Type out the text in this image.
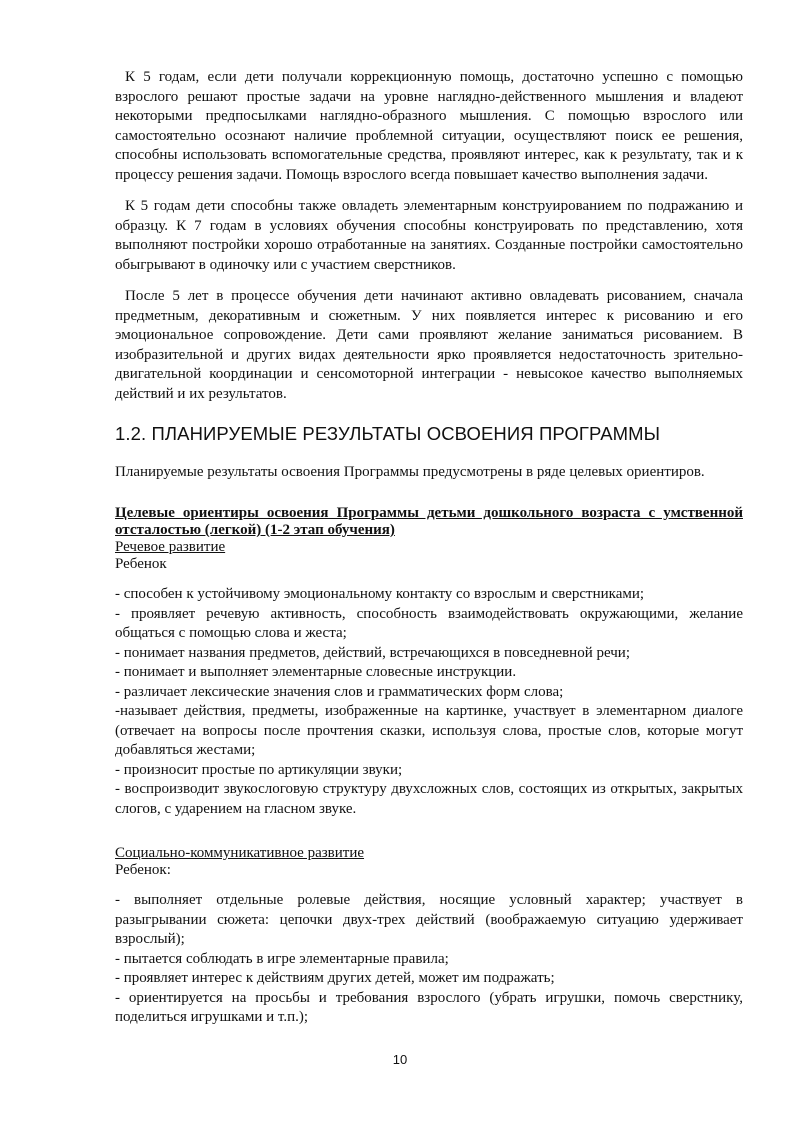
К 5 годам, если дети получали коррекционную помощь, достаточно успешно с помощью взрослого решают простые задачи на уровне наглядно-действенного мышления и владеют некоторыми предпосылками наглядно-образного мышления. С помощью взрослого или самостоятельно осознают наличие проблемной ситуации, осуществляют поиск ее решения, способны использовать вспомогательные средства, проявляют интерес, как к результату, так и к процессу решения задачи. Помощь взрослого всегда повышает качество выполнения задачи.

К 5 годам дети способны также овладеть элементарным конструированием по подражанию и образцу. К 7 годам в условиях обучения способны конструировать по представлению, хотя выполняют постройки хорошо отработанные на занятиях. Созданные постройки самостоятельно обыгрывают в одиночку или с участием сверстников.

После 5 лет в процессе обучения дети начинают активно овладевать рисованием, сначала предметным, декоративным и сюжетным. У них появляется интерес к рисованию и его эмоциональное сопровождение. Дети сами проявляют желание заниматься рисованием. В изобразительной и других видах деятельности ярко проявляется недостаточность зрительно-двигательной координации и сенсомоторной интеграции - невысокое качество выполняемых действий и их результатов.

1.2. ПЛАНИРУЕМЫЕ РЕЗУЛЬТАТЫ ОСВОЕНИЯ ПРОГРАММЫ

Планируемые результаты освоения Программы предусмотрены в ряде целевых ориентиров.

Целевые ориентиры освоения Программы детьми дошкольного возраста с умственной отсталостью (легкой) (1-2 этап обучения)

Речевое развитие
Ребенок

- способен к устойчивому эмоциональному контакту со взрослым и сверстниками;

- проявляет речевую активность, способность взаимодействовать окружающими, желание общаться с помощью слова и жеста;

- понимает названия предметов, действий, встречающихся в повседневной речи;

- понимает и выполняет элементарные словесные инструкции.

- различает лексические значения слов и грамматических форм слова;

-называет действия, предметы, изображенные на картинке, участвует в элементарном диалоге (отвечает на вопросы после прочтения сказки, используя слова, простые слов, которые могут добавляться жестами;

- произносит простые по артикуляции звуки;

- воспроизводит звукослоговую структуру двухсложных слов, состоящих из открытых, закрытых слогов, с ударением на гласном звуке.

Социально-коммуникативное развитие
Ребенок:

- выполняет отдельные ролевые действия, носящие условный характер; участвует в разыгрывании сюжета: цепочки двух-трех действий (воображаемую ситуацию удерживает взрослый);

- пытается соблюдать в игре элементарные правила;

- проявляет интерес к действиям других детей, может им подражать;

- ориентируется на просьбы и требования взрослого (убрать игрушки, помочь сверстнику, поделиться игрушками и т.п.);

10
